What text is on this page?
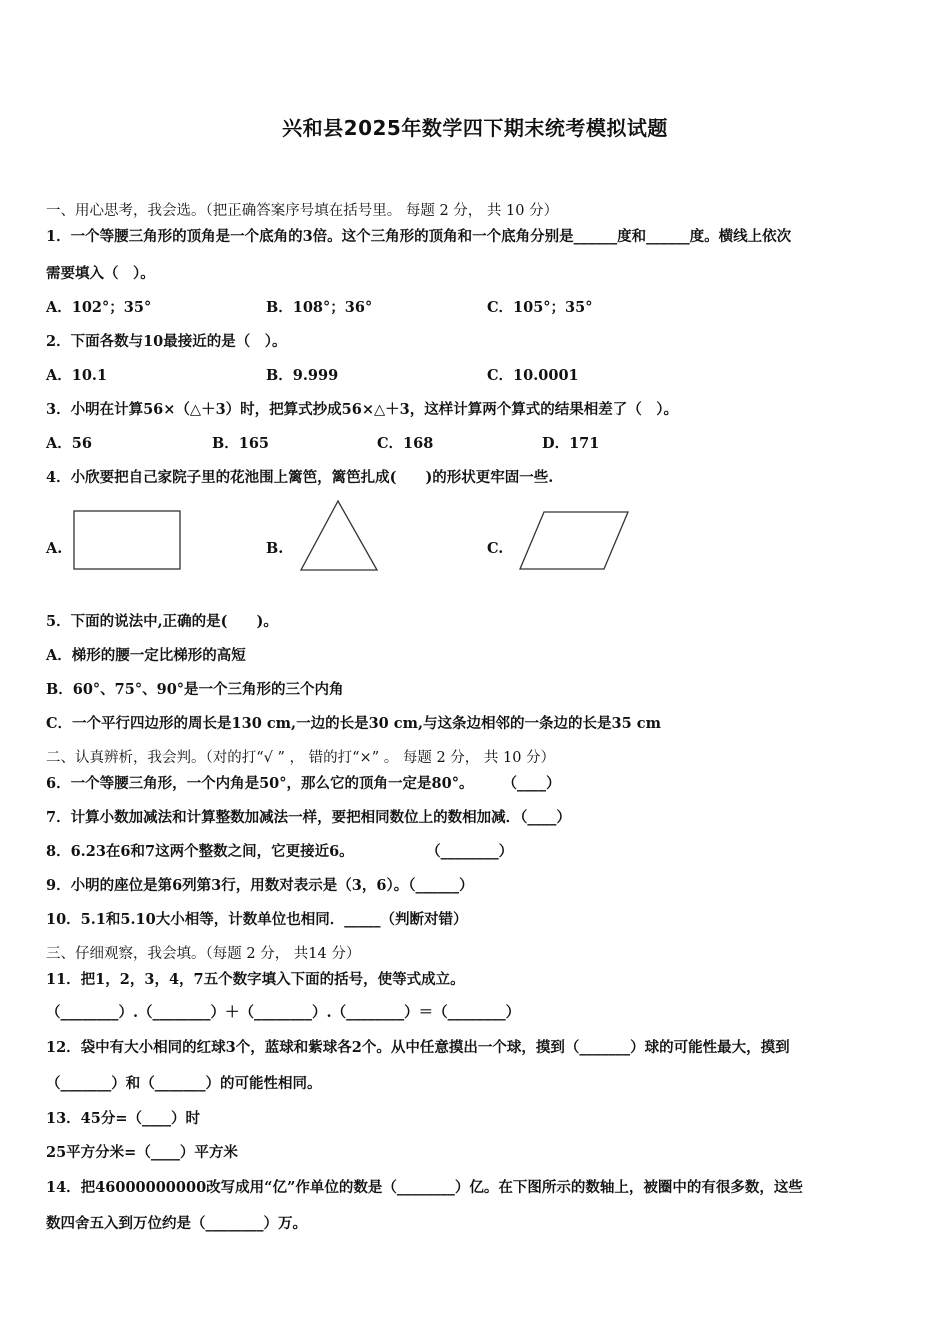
兴和县2025年数学四下期末统考模拟试题
一、用心思考，我会选。（把正确答案序号填在括号里。 每题 2 分， 共 10 分）
1．一个等腰三角形的顶角是一个底角的3倍。这个三角形的顶角和一个底角分别是______度和______度。横线上依次
需要填入（　）。
A．102°；35°	B．108°；36°	C．105°；35°
2．下面各数与10最接近的是（　）。
A．10.1	B．9.999	C．10.0001
3．小明在计算56×（△＋3）时，把算式抄成56×△＋3，这样计算两个算式的结果相差了（　）。
A．56	B．165	C．168	D．171
4．小欣要把自己家院子里的花池围上篱笆，篱笆扎成(　　)的形状更牢固一些.
A.	B.	C.
5．下面的说法中,正确的是(　　)。
A．梯形的腰一定比梯形的高短
B．60°、75°、90°是一个三角形的三个内角
C．一个平行四边形的周长是130 cm,一边的长是30 cm,与这条边相邻的一条边的长是35 cm
二、认真辨析，我会判。（对的打“√ ” ， 错的打“×” 。 每题 2 分， 共 10 分）
6．一个等腰三角形，一个内角是50°，那么它的顶角一定是80°。　　　（____）
7．计算小数加减法和计算整数加减法一样，要把相同数位上的数相加减．（____）
8．6.23在6和7这两个整数之间，它更接近6。　　　　　　（________）
9．小明的座位是第6列第3行，用数对表示是（3，6）。（______）
10．5.1和5.10大小相等，计数单位也相同．_____（判断对错）
三、仔细观察，我会填。（每题 2 分， 共14 分）
11．把1，2，3，4，7五个数字填入下面的括号，使等式成立。
（________）.（________）＋（________）.（________）＝（________）
12．袋中有大小相同的红球3个，蓝球和紫球各2个。从中任意摸出一个球，摸到（_______）球的可能性最大，摸到
（_______）和（_______）的可能性相同。
13．45分=（____）时
25平方分米=（____）平方米
14．把46000000000改写成用“亿”作单位的数是（________）亿。在下图所示的数轴上，被圈中的有很多数，这些
数四舍五入到万位约是（________）万。
